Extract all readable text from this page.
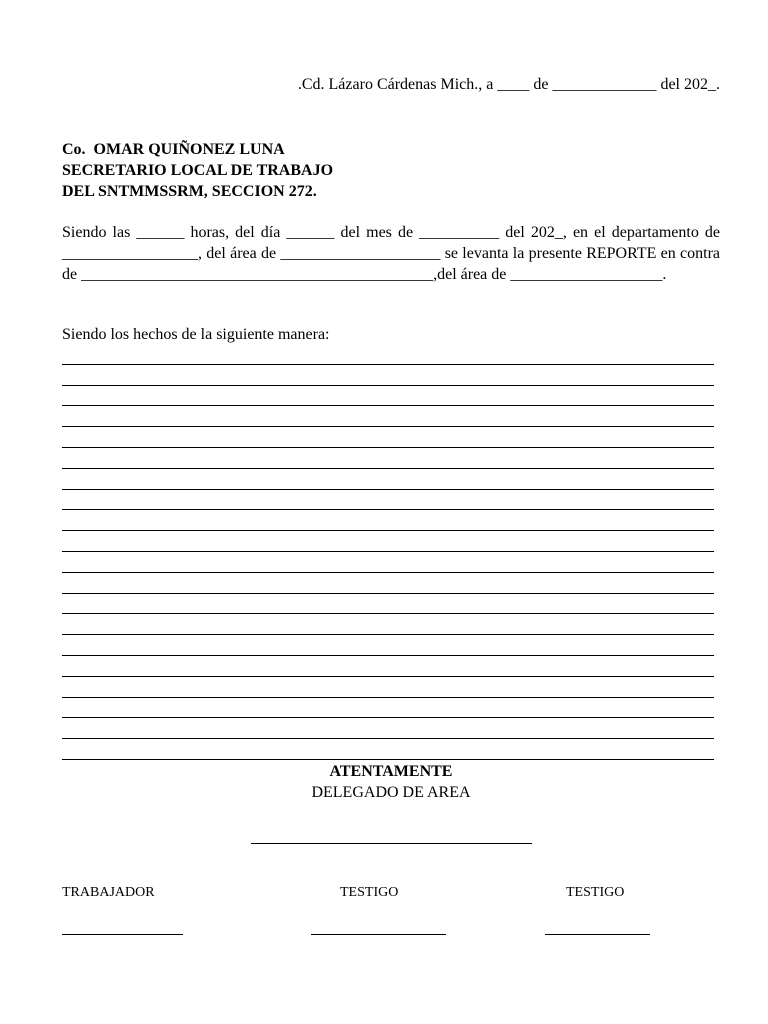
.Cd. Lázaro Cárdenas Mich., a ____ de _____________ del 202_.
Co.  OMAR QUIÑONEZ LUNA
SECRETARIO LOCAL DE TRABAJO
DEL SNTMMSSRM, SECCION 272.
Siendo las ______ horas, del día ______ del mes de __________ del 202_, en el departamento de _________________, del área de ____________________ se levanta la presente REPORTE en contra de ____________________________________________,del área de ___________________.
Siendo los hechos de la siguiente manera:
ATENTAMENTE
DELEGADO DE AREA
TRABAJADOR	TESTIGO	TESTIGO
